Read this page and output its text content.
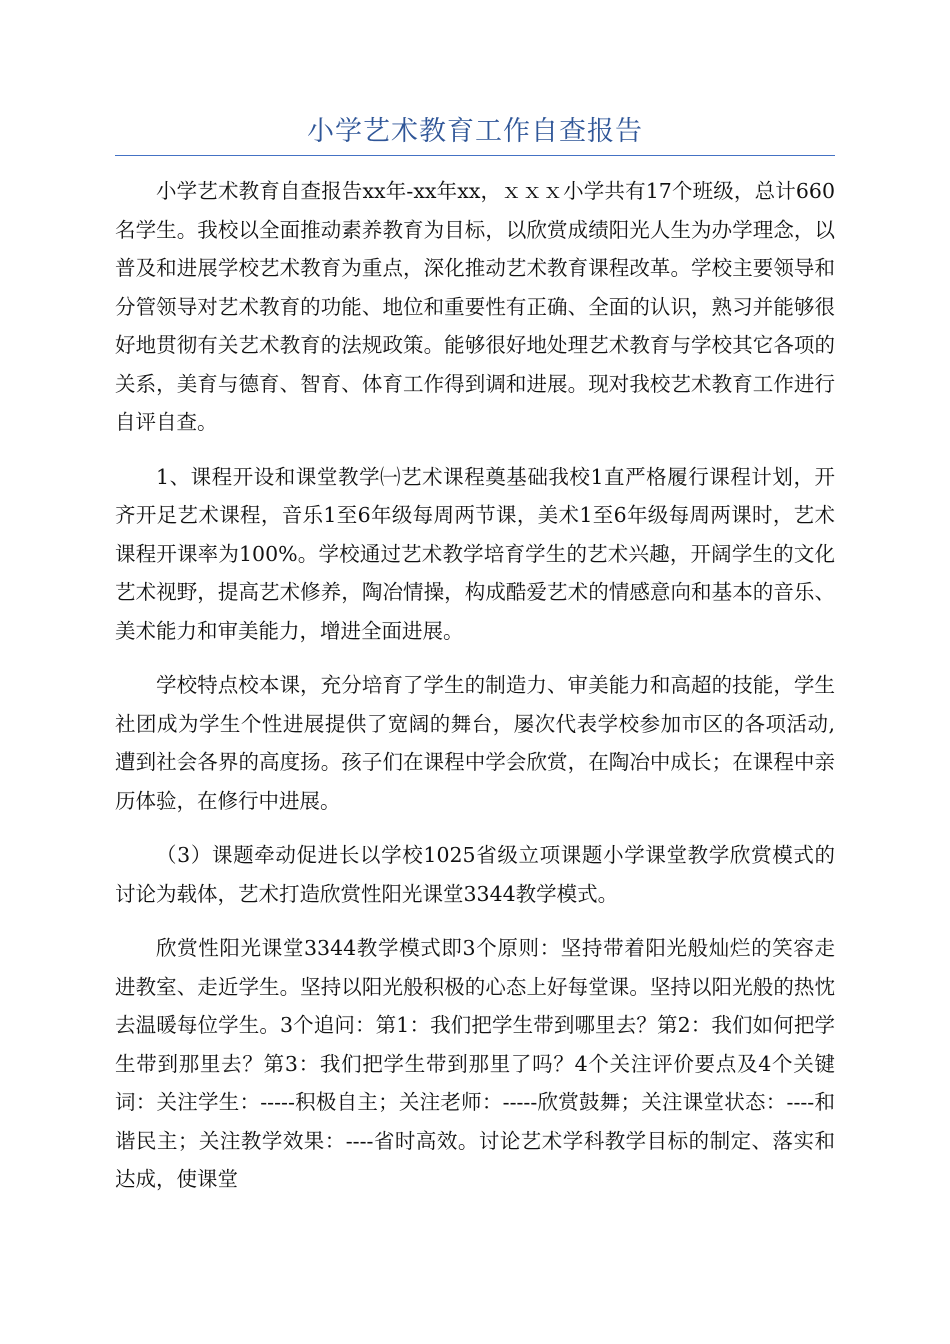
小学艺术教育工作自查报告

小学艺术教育自查报告xx年-xx年xx，ｘｘｘ小学共有17个班级，总计660名学生。我校以全面推动素养教育为目标，以欣赏成绩阳光人生为办学理念，以普及和进展学校艺术教育为重点，深化推动艺术教育课程改革。学校主要领导和分管领导对艺术教育的功能、地位和重要性有正确、全面的认识，熟习并能够很好地贯彻有关艺术教育的法规政策。能够很好地处理艺术教育与学校其它各项的关系，美育与德育、智育、体育工作得到调和进展。现对我校艺术教育工作进行自评自查。

1、课程开设和课堂教学㈠艺术课程奠基础我校1直严格履行课程计划，开齐开足艺术课程，音乐1至6年级每周两节课，美术1至6年级每周两课时，艺术课程开课率为100%。学校通过艺术教学培育学生的艺术兴趣，开阔学生的文化艺术视野，提高艺术修养，陶冶情操，构成酷爱艺术的情感意向和基本的音乐、美术能力和审美能力，增进全面进展。

学校特点校本课，充分培育了学生的制造力、审美能力和高超的技能，学生社团成为学生个性进展提供了宽阔的舞台，屡次代表学校参加市区的各项活动,遭到社会各界的高度扬。孩子们在课程中学会欣赏，在陶冶中成长；在课程中亲历体验，在修行中进展。

（3）课题牵动促进长以学校1025省级立项课题小学课堂教学欣赏模式的讨论为载体，艺术打造欣赏性阳光课堂3344教学模式。

欣赏性阳光课堂3344教学模式即3个原则：坚持带着阳光般灿烂的笑容走进教室、走近学生。坚持以阳光般积极的心态上好每堂课。坚持以阳光般的热忱去温暖每位学生。3个追问：第1：我们把学生带到哪里去？第2：我们如何把学生带到那里去？第3：我们把学生带到那里了吗？4个关注评价要点及4个关键词：关注学生：-----积极自主；关注老师：-----欣赏鼓舞；关注课堂状态：----和谐民主；关注教学效果：----省时高效。讨论艺术学科教学目标的制定、落实和达成，使课堂
